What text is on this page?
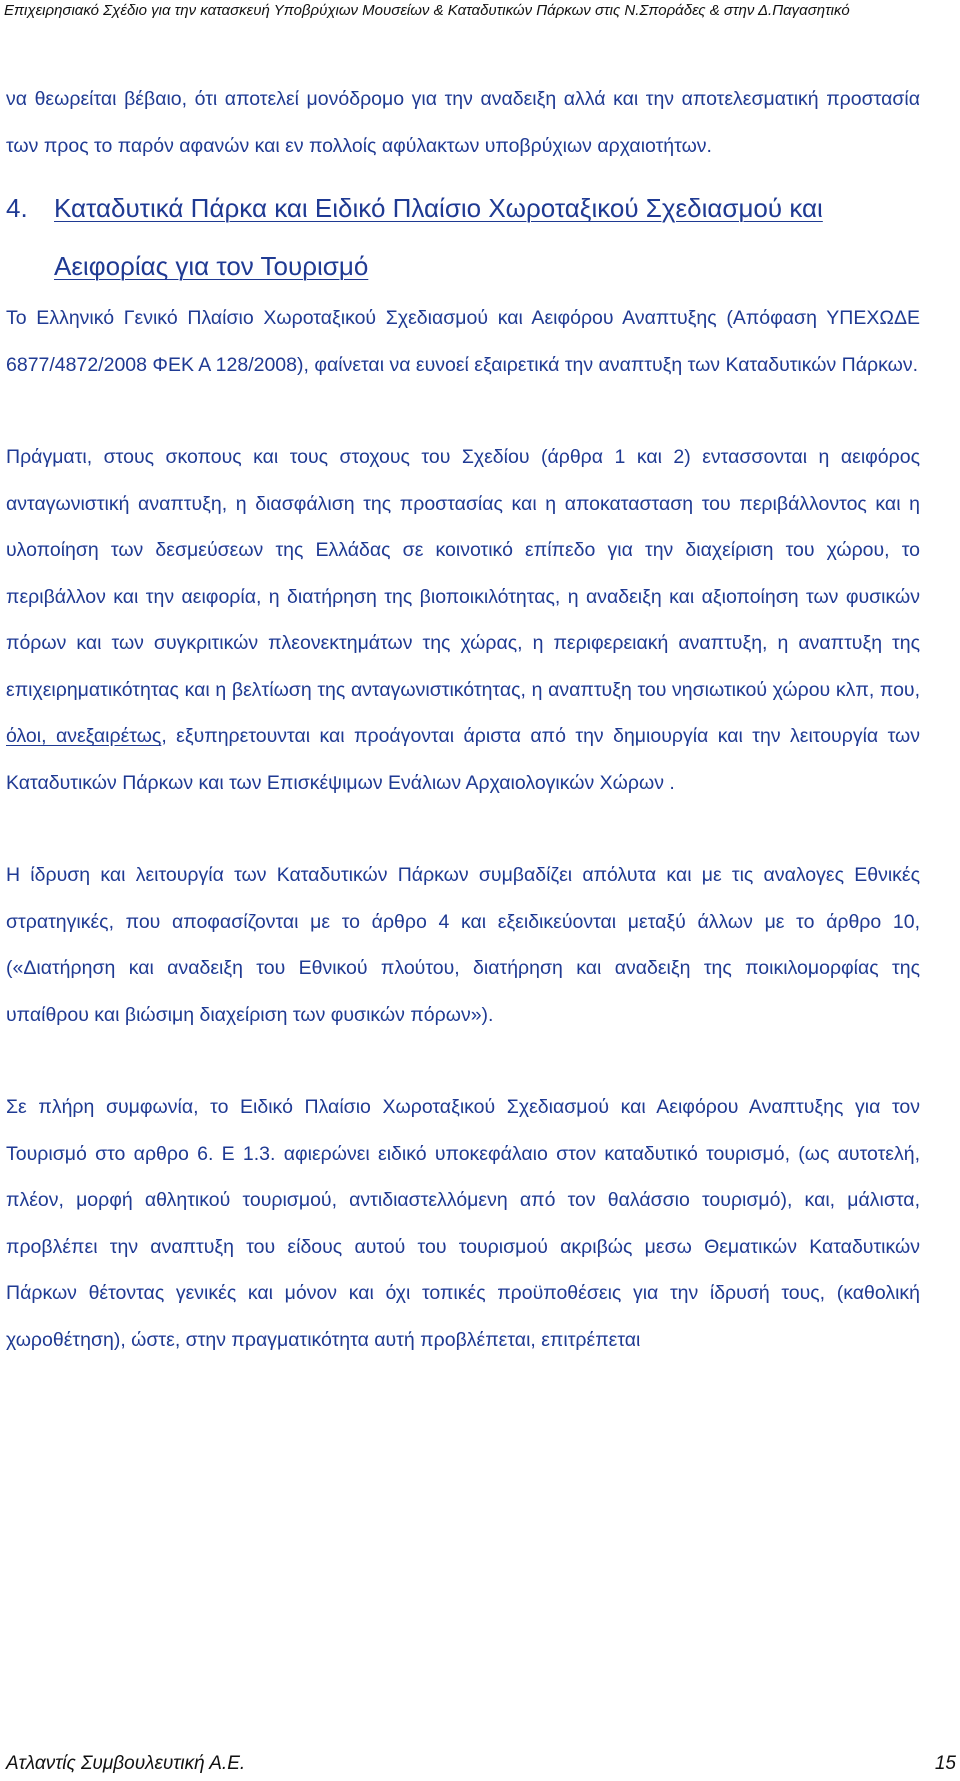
Επιχειρησιακό Σχέδιο για την κατασκευή Υποβρύχιων Μουσείων & Καταδυτικών Πάρκων στις Ν.Σποράδες & στην Δ.Παγασητικό

να θεωρείται βέβαιο, ότι αποτελεί μονόδρομο για την αναδειξη αλλά και την αποτελεσματική προστασία των προς το παρόν αφανών και εν πολλοίς αφύλακτων υποβρύχιων αρχαιοτήτων.

4.	Καταδυτικά Πάρκα και Ειδικό Πλαίσιο Χωροταξικού Σχεδιασμού και Αειφορίας για τον Τουρισμό

Το Ελληνικό Γενικό Πλαίσιο Χωροταξικού Σχεδιασμού και Αειφόρου Αναπτυξης (Απόφαση ΥΠΕΧΩΔΕ 6877/4872/2008 ΦΕΚ Α 128/2008), φαίνεται να ευνοεί εξαιρετικά την αναπτυξη των Καταδυτικών Πάρκων.

Πράγματι, στους σκοπους και τους στοχους του Σχεδίου (άρθρα 1 και 2) εντασσονται η αειφόρος ανταγωνιστική αναπτυξη, η διασφάλιση της προστασίας και η αποκατασταση του περιβάλλοντος και η υλοποίηση των δεσμεύσεων της Ελλάδας σε κοινοτικό επίπεδο για την διαχείριση του χώρου, το περιβάλλον και την αειφορία, η διατήρηση της βιοποικιλότητας, η αναδειξη και αξιοποίηση των φυσικών πόρων και των συγκριτικών πλεονεκτημάτων της χώρας, η περιφερειακή αναπτυξη, η αναπτυξη της επιχειρηματικότητας και η βελτίωση της ανταγωνιστικότητας, η αναπτυξη του νησιωτικού χώρου κλπ, που, όλοι, ανεξαιρέτως, εξυπηρετουνται και προάγονται άριστα από την δημιουργία και την λειτουργία των Καταδυτικών Πάρκων και των Επισκέψιμων Ενάλιων Αρχαιολογικών Χώρων .

Η ίδρυση και λειτουργία των Καταδυτικών Πάρκων συμβαδίζει απόλυτα και με τις αναλογες Εθνικές στρατηγικές, που αποφασίζονται με το άρθρο 4 και εξειδικεύονται μεταξύ άλλων με το άρθρο 10, («Διατήρηση και αναδειξη του Εθνικού πλούτου, διατήρηση και αναδειξη της ποικιλομορφίας της υπαίθρου και βιώσιμη διαχείριση των φυσικών πόρων»).

Σε πλήρη συμφωνία, το Ειδικό Πλαίσιο Χωροταξικού Σχεδιασμού και Αειφόρου Αναπτυξης για τον Τουρισμό στο αρθρο 6. Ε 1.3. αφιερώνει ειδικό υποκεφάλαιο στον καταδυτικό τουρισμό, (ως αυτοτελή, πλέον, μορφή αθλητικού τουρισμού, αντιδιαστελλόμενη από τον θαλάσσιο τουρισμό), και, μάλιστα, προβλέπει την αναπτυξη του είδους αυτού του τουρισμού ακριβώς μεσω Θεματικών Καταδυτικών Πάρκων θέτοντας γενικές και μόνον και όχι τοπικές προϋποθέσεις για την ίδρυσή τους, (καθολική χωροθέτηση), ώστε, στην πραγματικότητα αυτή προβλέπεται, επιτρέπεται

Ατλαντίς Συμβουλευτική Α.Ε.	15
